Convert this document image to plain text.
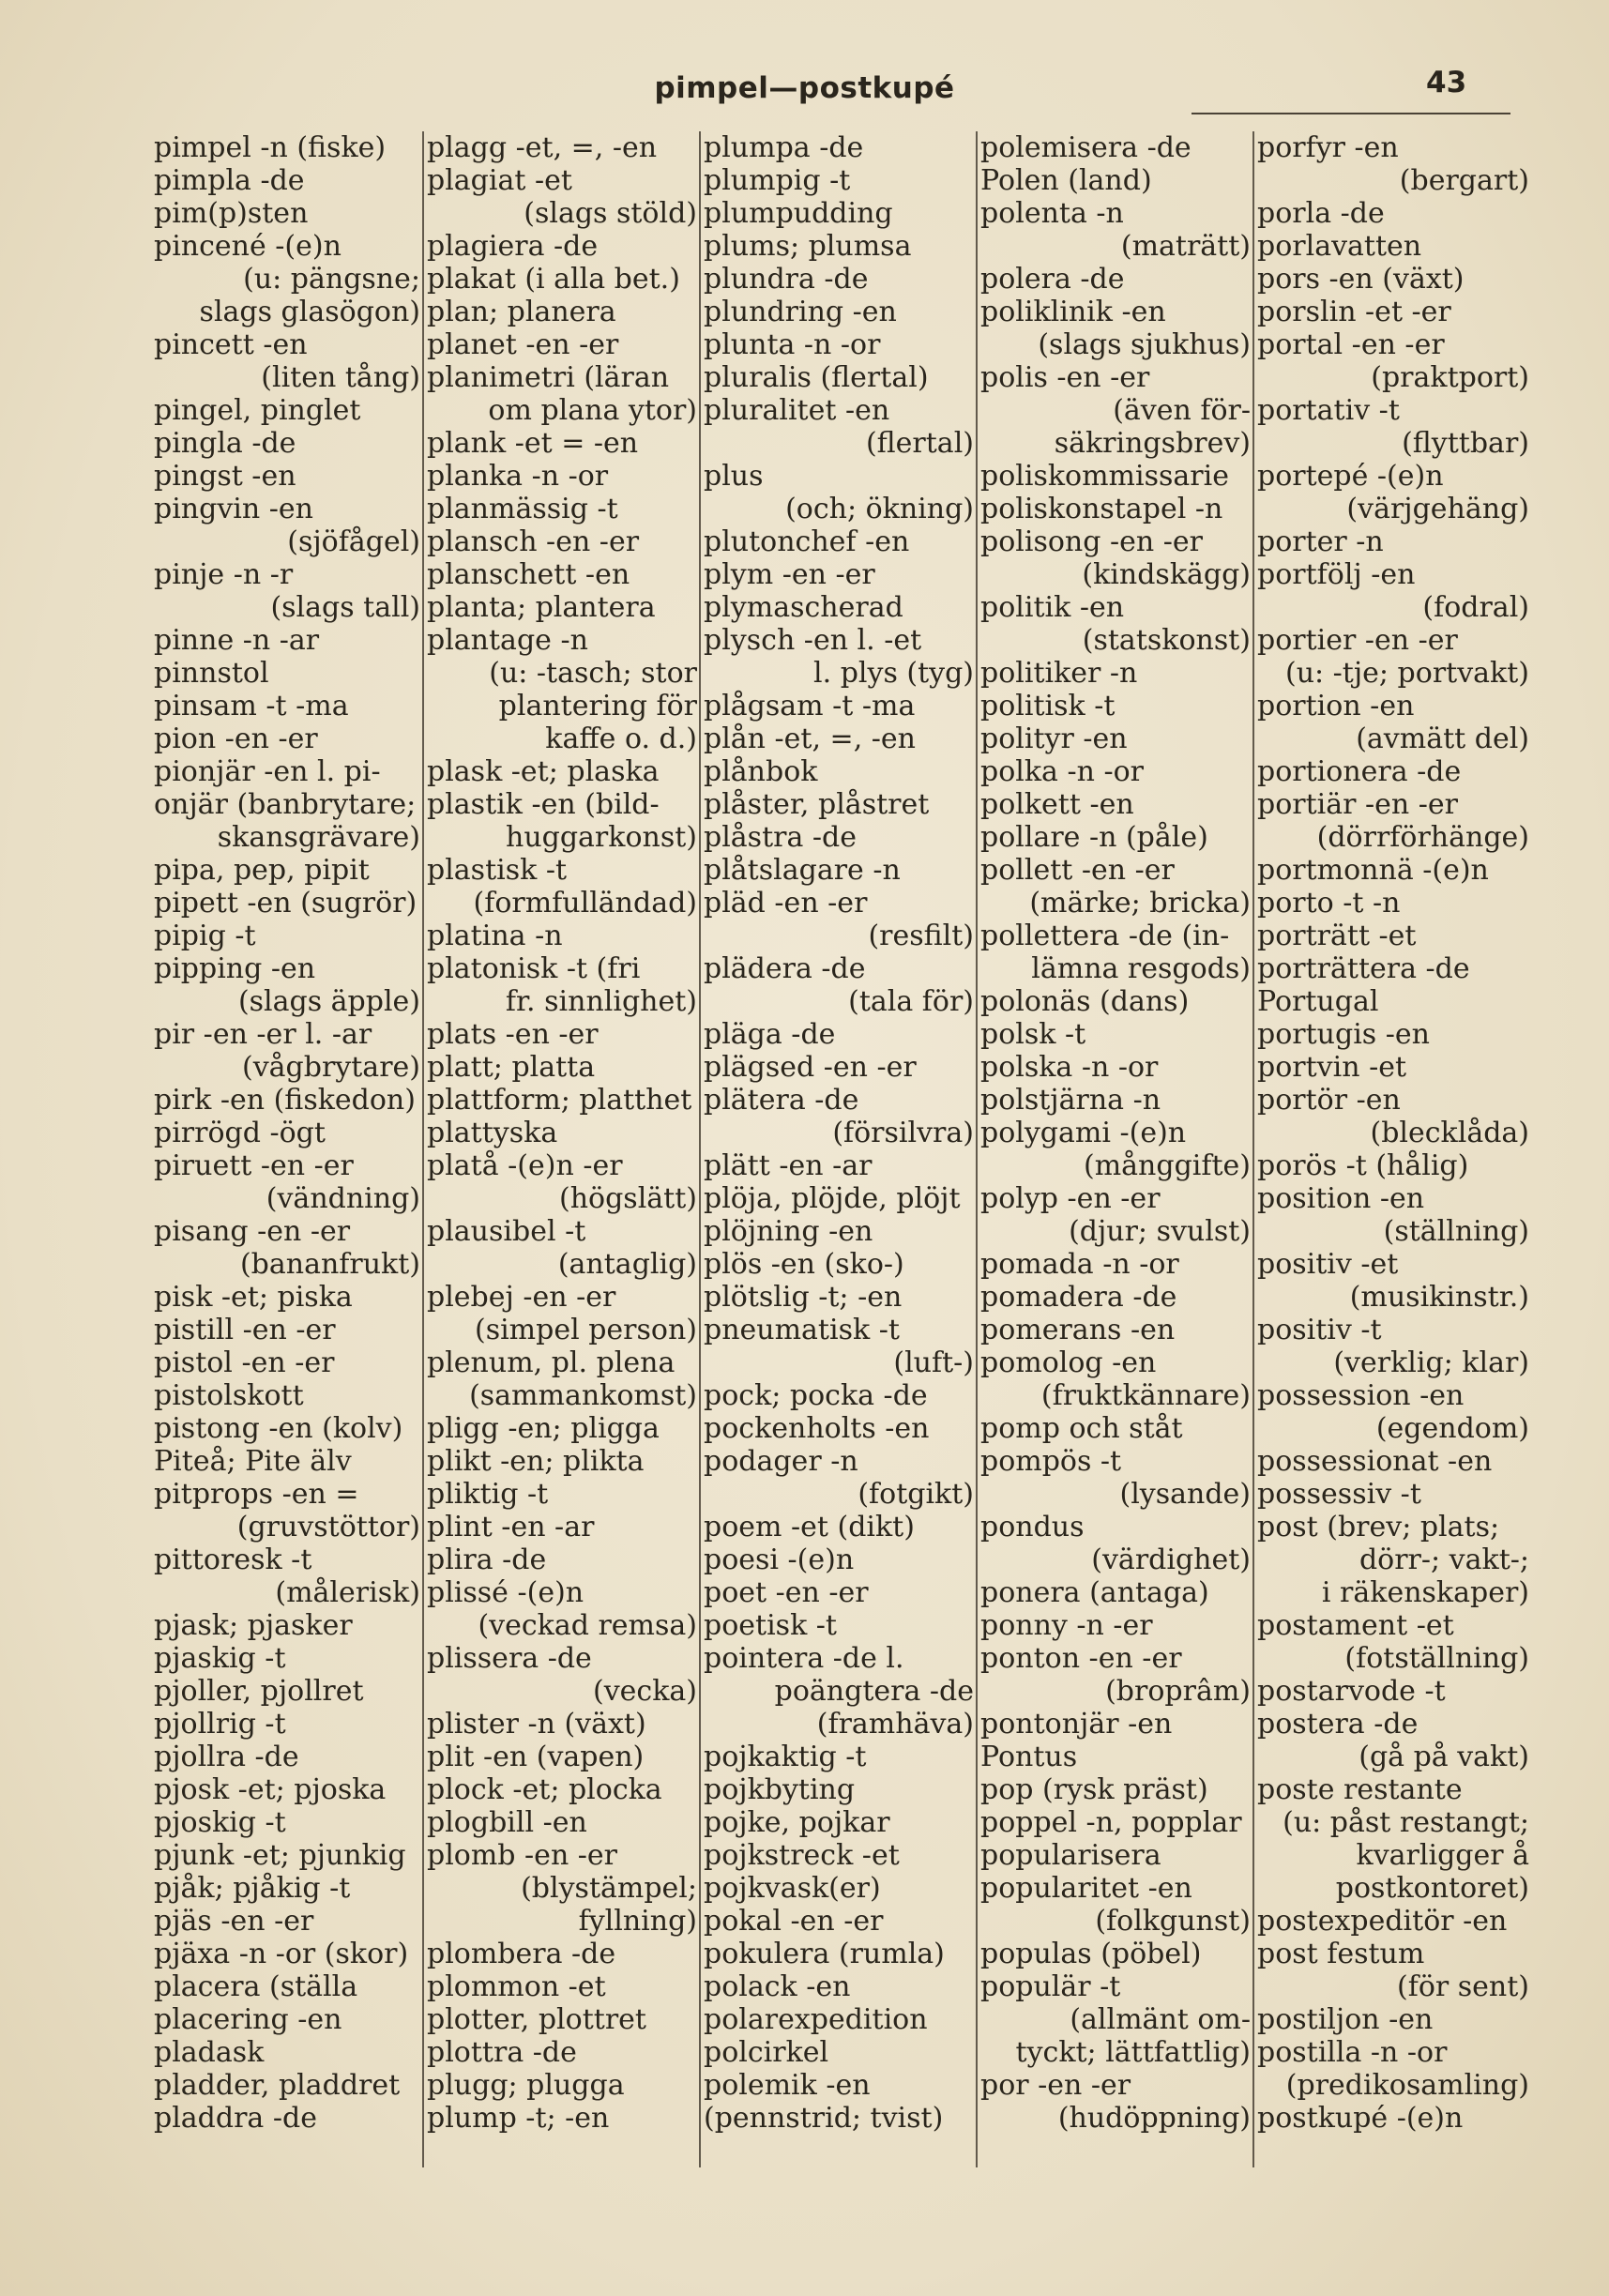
pimpel—postkupé	43
pimpel -n (fiske)
pimpla -de
pim(p)sten
pincené -(e)n
(u: pängsne;
slags glasögon)
pincett -en
(liten tång)
pingel, pinglet
pingla -de
pingst -en
pingvin -en
(sjöfågel)
pinje -n -r
(slags tall)
pinne -n -ar
pinnstol
pinsam -t -ma
pion -en -er
pionjär -en l. pi-
onjär (banbrytare;
skansgrävare)
pipa, pep, pipit
pipett -en (sugrör)
pipig -t
pipping -en
(slags äpple)
pir -en -er l. -ar
(vågbrytare)
pirk -en (fiskedon)
pirrögd -ögt
piruett -en -er
(vändning)
pisang -en -er
(bananfrukt)
pisk -et; piska
pistill -en -er
pistol -en -er
pistolskott
pistong -en (kolv)
Piteå; Pite älv
pitprops -en =
(gruvstöttor)
pittoresk -t
(målerisk)
pjask; pjasker
pjaskig -t
pjoller, pjollret
pjollrig -t
pjollra -de
pjosk -et; pjoska
pjoskig -t
pjunk -et; pjunkig
pjåk; pjåkig -t
pjäs -en -er
pjäxa -n -or (skor)
placera (ställa
placering -en
pladask
pladder, pladdret
pladdra -de
plagg -et, =, -en
plagiat -et
(slags stöld)
plagiera -de
plakat (i alla bet.)
plan; planera
planet -en -er
planimetri (läran
om plana ytor)
plank -et = -en
planka -n -or
planmässig -t
plansch -en -er
planschett -en
planta; plantera
plantage -n
(u: -tasch; stor
plantering för
kaffe o. d.)
plask -et; plaska
plastik -en (bild-
huggarkonst)
plastisk -t
(formfulländad)
platina -n
platonisk -t (fri
fr. sinnlighet)
plats -en -er
platt; platta
plattform; platthet
plattyska
platå -(e)n -er
(högslätt)
plausibel -t
(antaglig)
plebej -en -er
(simpel person)
plenum, pl. plena
(sammankomst)
pligg -en; pligga
plikt -en; plikta
pliktig -t
plint -en -ar
plira -de
plissé -(e)n
(veckad remsa)
plissera -de
(vecka)
plister -n (växt)
plit -en (vapen)
plock -et; plocka
plogbill -en
plomb -en -er
(blystämpel;
fyllning)
plombera -de
plommon -et
plotter, plottret
plottra -de
plugg; plugga
plump -t; -en
plumpa -de
plumpig -t
plumpudding
plums; plumsa
plundra -de
plundring -en
plunta -n -or
pluralis (flertal)
pluralitet -en
(flertal)
plus
(och; ökning)
plutonchef -en
plym -en -er
plymascherad
plysch -en l. -et
l. plys (tyg)
plågsam -t -ma
plån -et, =, -en
plånbok
plåster, plåstret
plåstra -de
plåtslagare -n
pläd -en -er
(resfilt)
plädera -de
(tala för)
pläga -de
plägsed -en -er
plätera -de
(försilvra)
plätt -en -ar
plöja, plöjde, plöjt
plöjning -en
plös -en (sko-)
plötslig -t; -en
pneumatisk -t
(luft-)
pock; pocka -de
pockenholts -en
podager -n
(fotgikt)
poem -et (dikt)
poesi -(e)n
poet -en -er
poetisk -t
pointera -de l.
poängtera -de
(framhäva)
pojkaktig -t
pojkbyting
pojke, pojkar
pojkstreck -et
pojkvask(er)
pokal -en -er
pokulera (rumla)
polack -en
polarexpedition
polcirkel
polemik -en
(pennstrid; tvist)
polemisera -de
Polen (land)
polenta -n
(maträtt)
polera -de
poliklinik -en
(slags sjukhus)
polis -en -er
(även för-
säkringsbrev)
poliskommissarie
poliskonstapel -n
polisong -en -er
(kindskägg)
politik -en
(statskonst)
politiker -n
politisk -t
polityr -en
polka -n -or
polkett -en
pollare -n (påle)
pollett -en -er
(märke; bricka)
pollettera -de (in-
lämna resgods)
polonäs (dans)
polsk -t
polska -n -or
polstjärna -n
polygami -(e)n
(månggifte)
polyp -en -er
(djur; svulst)
pomada -n -or
pomadera -de
pomerans -en
pomolog -en
(fruktkännare)
pomp och ståt
pompös -t
(lysande)
pondus
(värdighet)
ponera (antaga)
ponny -n -er
ponton -en -er
(broprâm)
pontonjär -en
Pontus
pop (rysk präst)
poppel -n, popplar
popularisera
popularitet -en
(folkgunst)
populas (pöbel)
populär -t
(allmänt om-
tyckt; lättfattlig)
por -en -er
(hudöppning)
porfyr -en
(bergart)
porla -de
porlavatten
pors -en (växt)
porslin -et -er
portal -en -er
(praktport)
portativ -t
(flyttbar)
portepé -(e)n
(värjgehäng)
porter -n
portfölj -en
(fodral)
portier -en -er
(u: -tje; portvakt)
portion -en
(avmätt del)
portionera -de
portiär -en -er
(dörrförhänge)
portmonnä -(e)n
porto -t -n
porträtt -et
porträttera -de
Portugal
portugis -en
portvin -et
portör -en
(blecklåda)
porös -t (hålig)
position -en
(ställning)
positiv -et
(musikinstr.)
positiv -t
(verklig; klar)
possession -en
(egendom)
possessionat -en
possessiv -t
post (brev; plats;
dörr-; vakt-;
i räkenskaper)
postament -et
(fotställning)
postarvode -t
postera -de
(gå på vakt)
poste restante
(u: påst restangt;
kvarligger å
postkontoret)
postexpeditör -en
post festum
(för sent)
postiljon -en
postilla -n -or
(predikosamling)
postkupé -(e)n
